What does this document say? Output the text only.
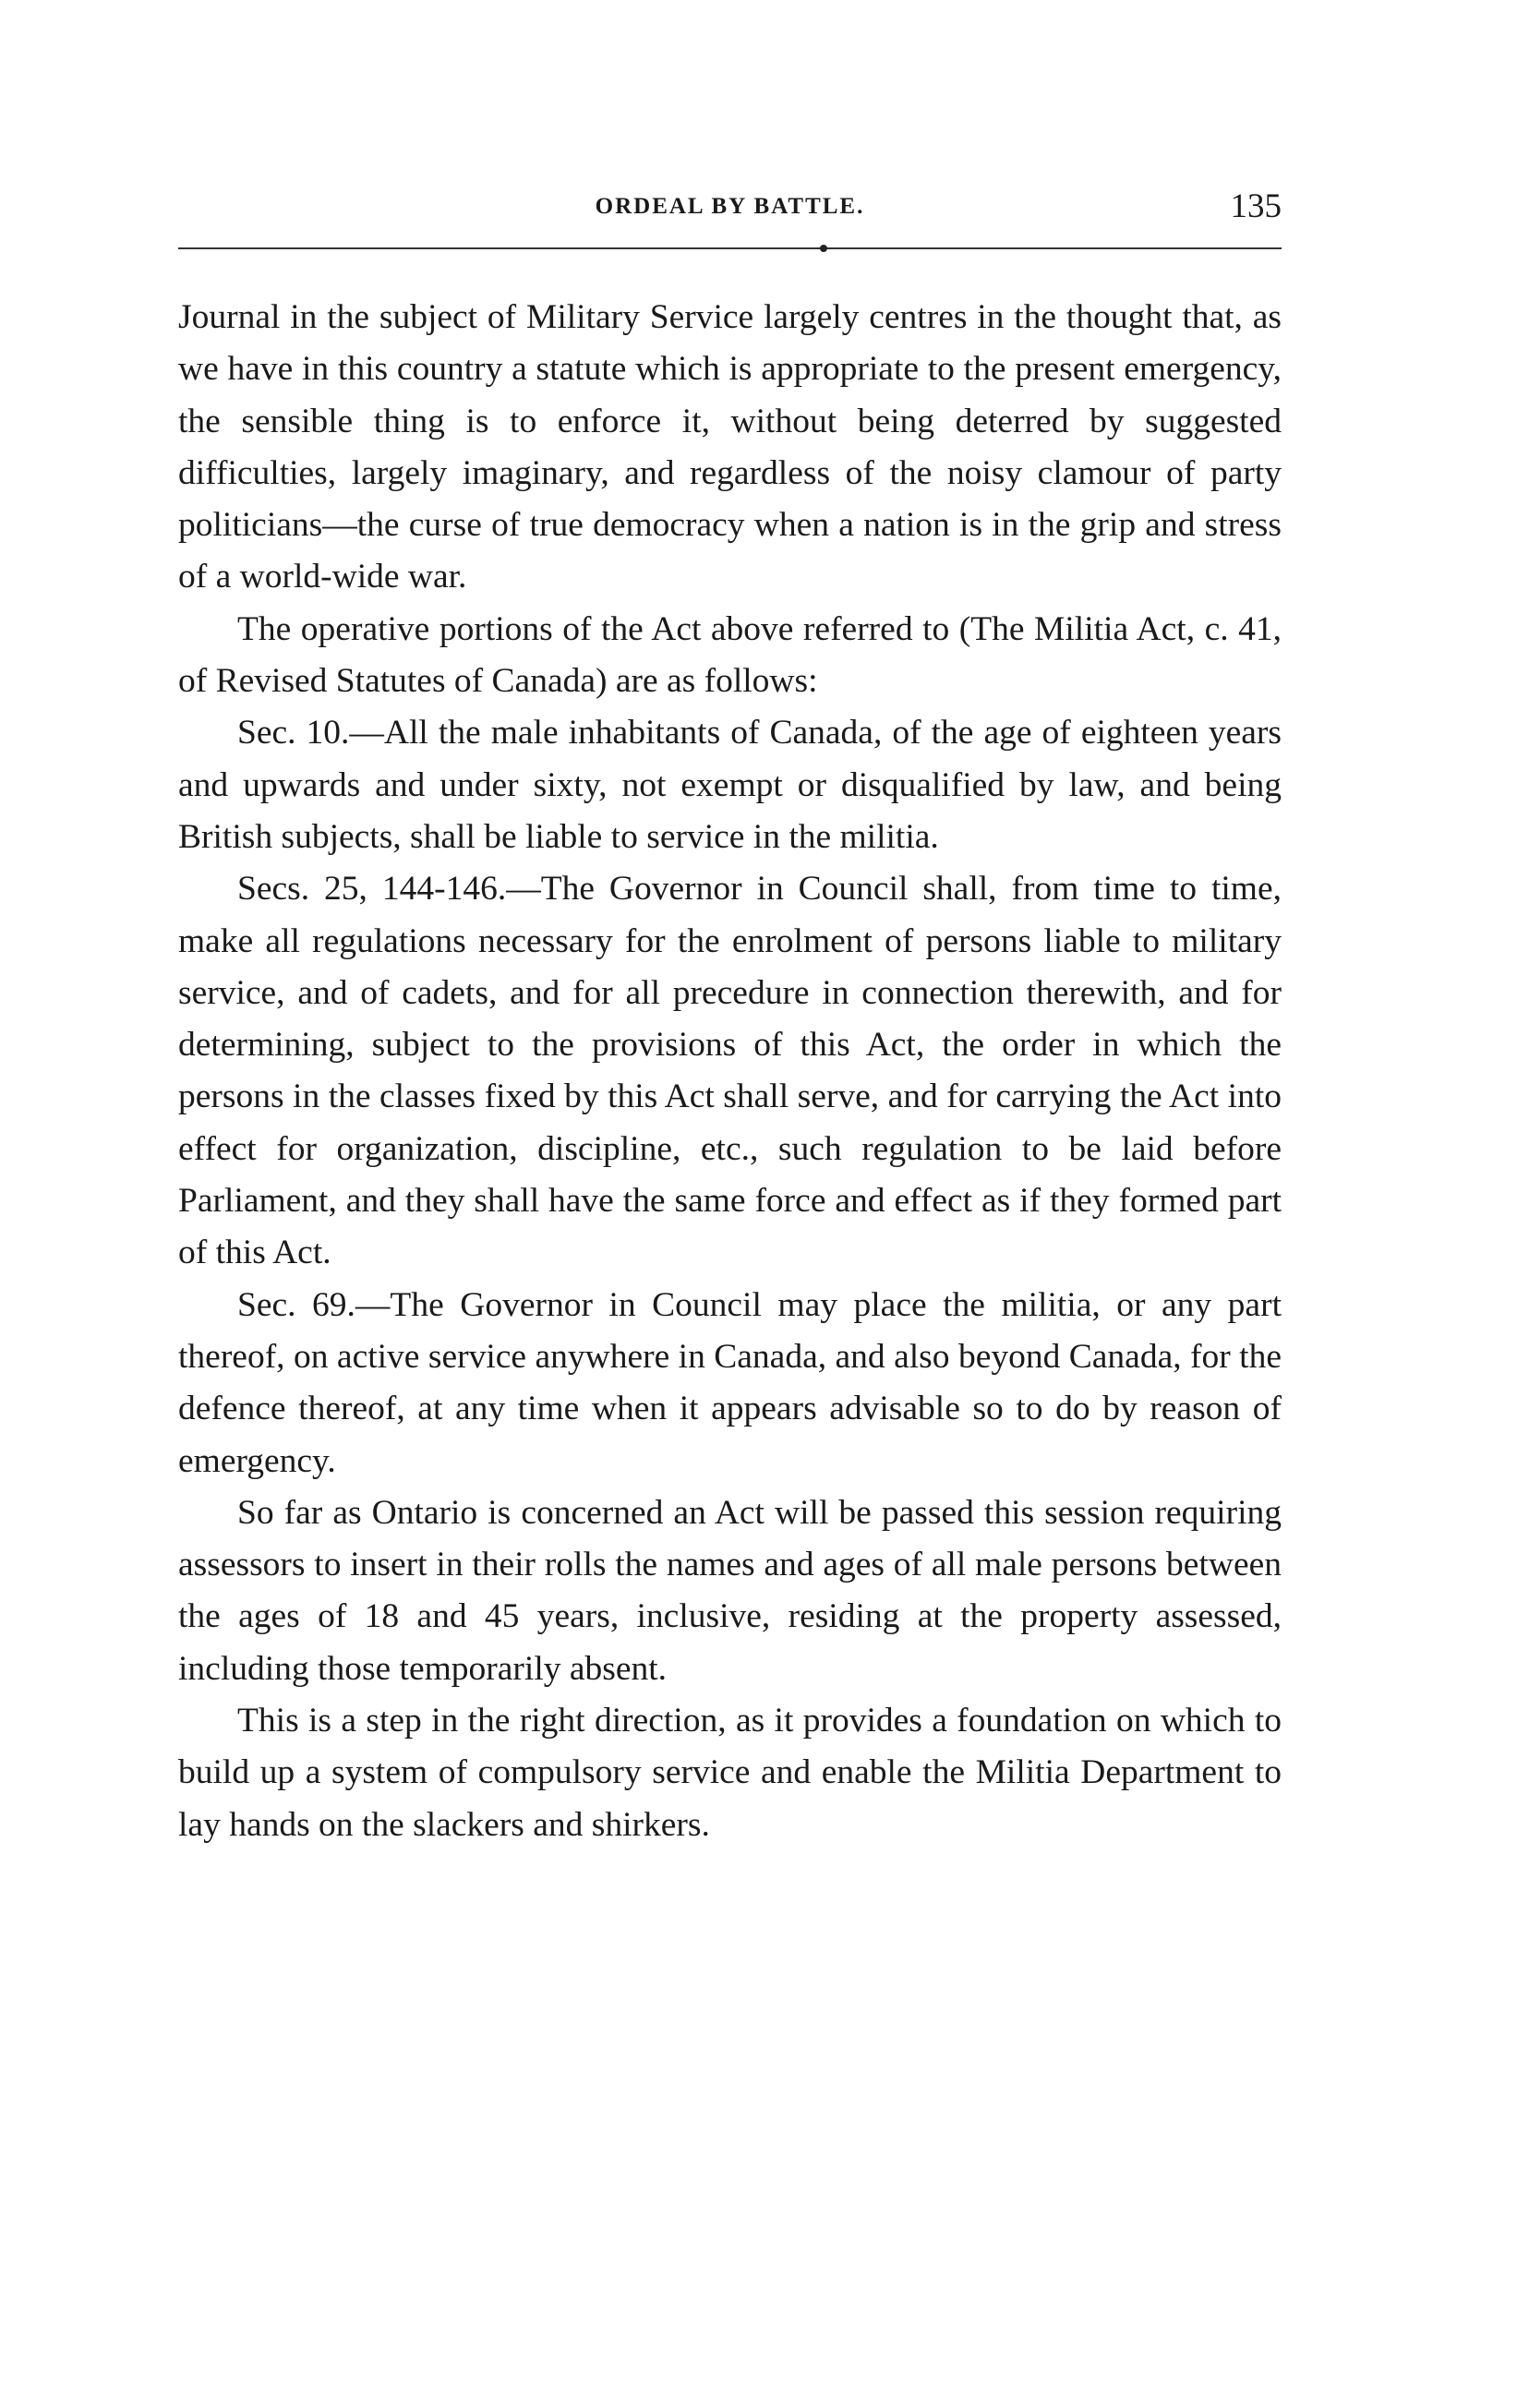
ORDEAL BY BATTLE.	135

Journal in the subject of Military Service largely centres in the thought that, as we have in this country a statute which is appropriate to the present emergency, the sensible thing is to enforce it, without being deterred by suggested difficulties, largely imaginary, and regardless of the noisy clamour of party politicians—the curse of true democracy when a nation is in the grip and stress of a world-wide war.

The operative portions of the Act above referred to (The Militia Act, c. 41, of Revised Statutes of Canada) are as follows:

Sec. 10.—All the male inhabitants of Canada, of the age of eighteen years and upwards and under sixty, not exempt or disqualified by law, and being British subjects, shall be liable to service in the militia.

Secs. 25, 144-146.—The Governor in Council shall, from time to time, make all regulations necessary for the enrolment of persons liable to military service, and of cadets, and for all precedure in connection therewith, and for determining, subject to the provisions of this Act, the order in which the persons in the classes fixed by this Act shall serve, and for carrying the Act into effect for organization, discipline, etc., such regulation to be laid before Parliament, and they shall have the same force and effect as if they formed part of this Act.

Sec. 69.—The Governor in Council may place the militia, or any part thereof, on active service anywhere in Canada, and also beyond Canada, for the defence thereof, at any time when it appears advisable so to do by reason of emergency.

So far as Ontario is concerned an Act will be passed this session requiring assessors to insert in their rolls the names and ages of all male persons between the ages of 18 and 45 years, inclusive, residing at the property assessed, including those temporarily absent.

This is a step in the right direction, as it provides a foundation on which to build up a system of compulsory service and enable the Militia Department to lay hands on the slackers and shirkers.
